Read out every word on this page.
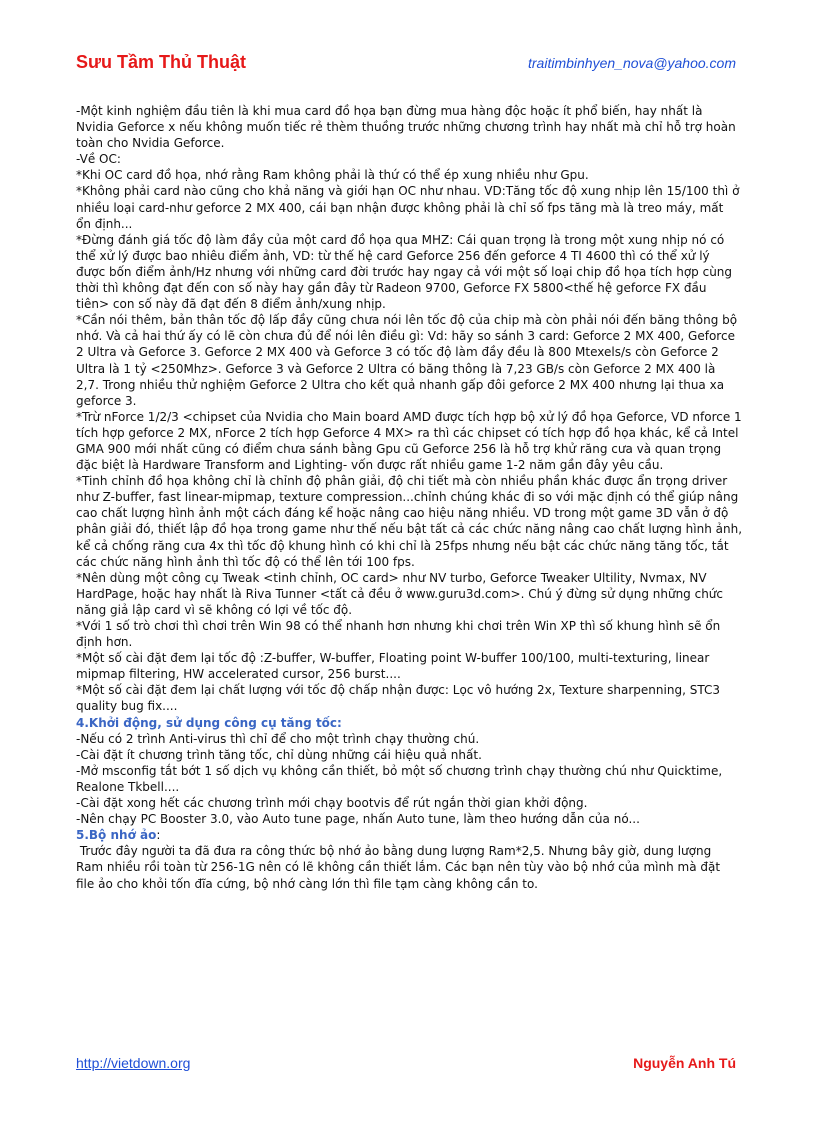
Sưu Tầm Thủ Thuật	traitimbinhyen_nova@yahoo.com

-Một kinh nghiệm đầu tiên là khi mua card đồ họa bạn đừng mua hàng độc hoặc ít phổ biến, hay nhất là Nvidia Geforce x nếu không muốn tiếc rẻ thèm thuồng trước những chương trình hay nhất mà chỉ hỗ trợ hoàn toàn cho Nvidia Geforce.

-Về OC:

*Khi OC card đồ họa, nhớ rằng Ram không phải là thứ có thể ép xung nhiều như Gpu.

*Không phải card nào cũng cho khả năng và giới hạn OC như nhau. VD:Tăng tốc độ xung nhịp lên 15/100 thì ở nhiều loại card-như geforce 2 MX 400, cái bạn nhận được không phải là chỉ số fps tăng mà là treo máy, mất ổn định...

*Đừng đánh giá tốc độ làm đầy của một card đồ họa qua MHZ: Cái quan trọng là trong một xung nhịp nó có thể xử lý được bao nhiêu điểm ảnh, VD: từ thế hệ card Geforce 256 đến geforce 4 TI 4600 thì có thể xử lý được bốn điểm ảnh/Hz nhưng với những card đời trước hay ngay cả với một số loại chip đồ họa tích hợp cùng thời thì không đạt đến con số này hay gần đây từ Radeon 9700, Geforce FX 5800<thế hệ geforce FX đầu tiên> con số này đã đạt đến 8 điểm ảnh/xung nhịp.

*Cần nói thêm, bản thân tốc độ lấp đầy cũng chưa nói lên tốc độ của chip mà còn phải nói đến băng thông bộ nhớ. Và cả hai thứ ấy có lẽ còn chưa đủ để nói lên điều gì: Vd: hãy so sánh 3 card: Geforce 2 MX 400, Geforce 2 Ultra và Geforce 3. Geforce 2 MX 400 và Geforce 3 có tốc độ làm đầy đều là 800 Mtexels/s còn Geforce 2 Ultra là 1 tỷ <250Mhz>. Geforce 3 và Geforce 2 Ultra có băng thông là 7,23 GB/s còn Geforce 2 MX 400 là 2,7. Trong nhiều thử nghiệm Geforce 2 Ultra cho kết quả nhanh gấp đôi geforce 2 MX 400 nhưng lại thua xa geforce 3.

*Trừ nForce 1/2/3 <chipset của Nvidia cho Main board AMD được tích hợp bộ xử lý đồ họa Geforce, VD nforce 1 tích hợp geforce 2 MX, nForce 2 tích hợp Geforce 4 MX> ra thì các chipset có tích hợp đồ họa khác, kể cả Intel GMA 900 mới nhất cũng có điểm chưa sánh bằng Gpu cũ Geforce 256 là hỗ trợ khử răng cưa và quan trọng đặc biệt là Hardware Transform and Lighting- vốn được rất nhiều game 1-2 năm gần đây yêu cầu.

*Tinh chỉnh đồ họa không chỉ là chỉnh độ phân giải, độ chi tiết mà còn nhiều phần khác được ẩn trọng driver như Z-buffer, fast linear-mipmap, texture compression...chỉnh chúng khác đi so với mặc định có thể giúp nâng cao chất lượng hình ảnh một cách đáng kể hoặc nâng cao hiệu năng nhiều. VD trong một game 3D vẫn ở độ phân giải đó, thiết lập đồ họa trong game như thế nếu bật tất cả các chức năng nâng cao chất lượng hình ảnh, kể cả chống răng cưa 4x thì tốc độ khung hình có khi chỉ là 25fps nhưng nếu bật các chức năng tăng tốc, tắt các chức năng hình ảnh thì tốc độ có thể lên tới 100 fps.

*Nên dùng một công cụ Tweak <tinh chỉnh, OC card> như NV turbo, Geforce Tweaker Ultility, Nvmax, NV HardPage, hoặc hay nhất là Riva Tunner <tất cả đều ở www.guru3d.com>. Chú ý đừng sử dụng những chức năng giả lập card vì sẽ không có lợi về tốc độ.

*Với 1 số trò chơi thì chơi trên Win 98 có thể nhanh hơn nhưng khi chơi trên Win XP thì số khung hình sẽ ổn định hơn.

*Một số cài đặt đem lại tốc độ :Z-buffer, W-buffer, Floating point W-buffer 100/100, multi-texturing, linear mipmap filtering, HW accelerated cursor, 256 burst....

*Một số cài đặt đem lại chất lượng với tốc độ chấp nhận được: Lọc vô hướng 2x, Texture sharpenning, STC3 quality bug fix....

4.Khởi động, sử dụng công cụ tăng tốc:

-Nếu có 2 trình Anti-virus thì chỉ để cho một trình chạy thường chú.

-Cài đặt ít chương trình tăng tốc, chỉ dùng những cái hiệu quả nhất.

-Mở msconfig tắt bớt 1 số dịch vụ không cần thiết, bỏ một số chương trình chạy thường chú như Quicktime, Realone Tkbell....

-Cài đặt xong hết các chương trình mới chạy bootvis để rút ngắn thời gian khởi động.

-Nên chạy PC Booster 3.0, vào Auto tune page, nhấn Auto tune, làm theo hướng dẫn của nó...

5.Bộ nhớ ảo:

Trước đây người ta đã đưa ra công thức bộ nhớ ảo bằng dung lượng Ram*2,5. Nhưng bây giờ, dung lượng Ram nhiều rồi toàn từ 256-1G nên có lẽ không cần thiết lắm. Các bạn nên tùy vào bộ nhớ của mình mà đặt file ảo cho khỏi tốn đĩa cứng, bộ nhớ càng lớn thì file tạm càng không cần to.

http://vietdown.org	Nguyễn Anh Tú
